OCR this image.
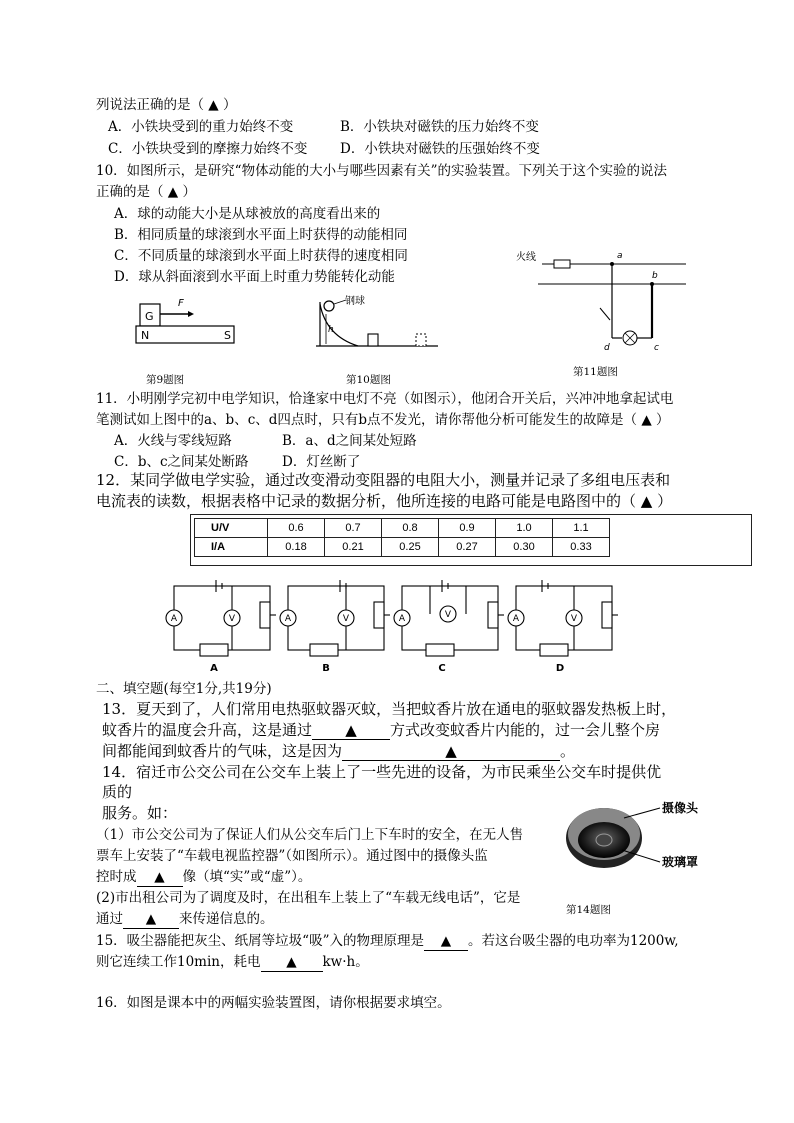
列说法正确的是（ ▲ ）
A．小铁块受到的重力始终不变	B．小铁块对磁铁的压力始终不变
C．小铁块受到的摩擦力始终不变 D．小铁块对磁铁的压强始终不变
10．如图所示，是研究“物体动能的大小与哪些因素有关”的实验装置。下列关于这个实验的说法
正确的是（ ▲ ）
A．球的动能大小是从球被放的高度看出来的
B．相同质量的球滚到水平面上时获得的动能相同
C．不同质量的球滚到水平面上时获得的速度相同
D．球从斜面滚到水平面上时重力势能转化动能
G
F
N	S
第9题图
钢球
h
第10题图
火线	a
b
d	c
第11题图
11．小明刚学完初中电学知识，恰逢家中电灯不亮（如图示），他闭合开关后，兴冲冲地拿起试电
笔测试如上图中的a、b、c、d四点时，只有b点不发光，请你帮他分析可能发生的故障是（ ▲ ）
A．火线与零线短路	B．a、d之间某处短路
C．b、c之间某处断路 D．灯丝断了
12．某同学做电学实验，通过改变滑动变阻器的电阻大小，测量并记录了多组电压表和
电流表的读数，根据表格中记录的数据分析，他所连接的电路可能是电路图中的（ ▲ ）
U/V	0.6	0.7	0.8	0.9	1.0	1.1
I/A	0.18	0.21	0.25	0.27	0.30	0.33
A	V	A	V	A	V	A	V
A	B	C	D
二、填空题(每空1分,共19分)
13．夏天到了，人们常用电热驱蚊器灭蚊，当把蚊香片放在通电的驱蚊器发热板上时，
蚊香片的温度会升高，这是通过 ▲ 方式改变蚊香片内能的，过一会儿整个房
间都能闻到蚊香片的气味，这是因为	▲	。
14．宿迁市公交公司在公交车上装上了一些先进的设备，为市民乘坐公交车时提供优
质的
服务。如：
（1）市公交公司为了保证人们从公交车后门上下车时的安全，在无人售
票车上安装了“车载电视监控器”（如图所示）。通过图中的摄像头监
控时成 ▲ 像（填“实”或“虚”）。
(2)市出租公司为了调度及时，在出租车上装上了“车载无线电话”，它是
通过 ▲ 来传递信息的。
摄像头
玻璃罩
第14题图
15．吸尘器能把灰尘、纸屑等垃圾“吸”入的物理原理是 ▲ 。若这台吸尘器的电功率为1200w,
则它连续工作10min，耗电 ▲ kw·h。
16．如图是课本中的两幅实验装置图，请你根据要求填空。
